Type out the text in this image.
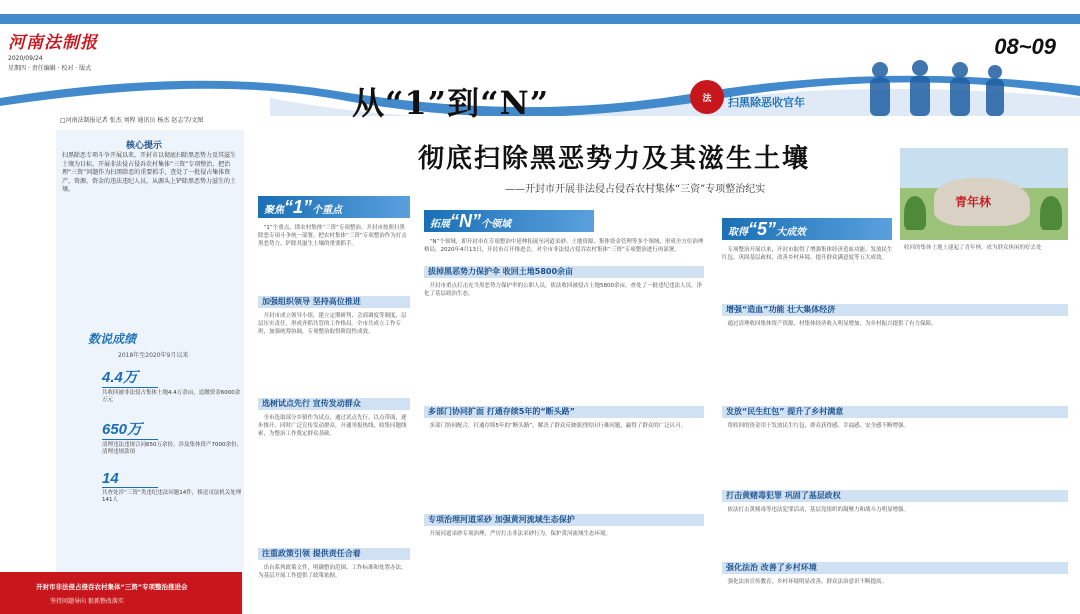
河南法制报
2020/09/24
星期四 · 责任编辑 · 校对 · 版式
08~09
从“1”到“N”	法	扫黑除恶收官年
□河南法制报记者 张杰 刘程 通讯员 杨杰 赵志学/文图
彻底扫除黑恶势力及其滋生土壤
——开封市开展非法侵占侵吞农村集体“三资”专项整治纪实
核心提示
扫黑除恶专项斗争开展以来，开封市以彻底扫除黑恶势力及其滋生土壤为目标，开展非法侵占侵吞农村集体“三资”专项整治，把治理“三资”问题作为扫黑除恶的重要抓手，查处了一批侵占集体资产、资源、资金的违法违纪人员，从源头上铲除黑恶势力滋生的土壤。
数说成绩
2018年至2020年9月以来
4.4万
共收回被非法侵占集体土地4.4万余亩，追缴资金6000余万元
650万
清理违法违规合同650万余份，涉及集体资产7000余份、清理违规款项
14
共查处涉“三资”类违纪违法问题14件，移送司法机关处理141人
开封市非法侵占侵吞农村集体“三资”专项整治推进会
坚持问题导向 狠抓整改落实
聚焦“1”个重点

“1”个重点，即农村集体“三资”专项整治。开封市按照扫黑除恶专项斗争统一部署，把农村集体“三资”专项整治作为打击黑恶势力、铲除其滋生土壤的重要抓手。

加强组织领导 坚持高位推进

开封市成立领导小组，建立定期研判、会商调度等制度，层层压实责任，形成齐抓共管的工作格局。全市共成立工作专班，加强统筹协调，专项整治取得阶段性成效。

选树试点先行 宣传发动群众

全市选取部分乡镇作为试点，通过试点先行、以点带面，逐步推开。同时广泛宣传发动群众，开通举报热线，收集问题线索，为整治工作奠定群众基础。

注重政策引领 提供责任合着

出台系列政策文件，明确整治范围、工作标准和处置办法，为基层开展工作提供了政策依据。

拓展“N”个领域

“N”个领域，即开封市在专项整治中延伸拓展至河道采砂、土地资源、集体资金管理等多个领域，形成全方位治理格局。2020年4月13日，开封市召开推进会，对全市非法侵占侵吞农村集体“三资”专项整治进行再部署。

拔掉黑恶势力保护伞 收回土地5800余亩

开封市重点打击充当黑恶势力保护伞的公职人员，依法收回被侵占土地5800余亩，查处了一批违纪违法人员，净化了基层政治生态。

多部门协同扩面 打通存续5年的“断头路”

多部门协同配合，打通存续5年的“断头路”，解决了群众反映强烈的出行难问题，赢得了群众的广泛认可。

专项治理河道采砂 加强黄河流域生态保护

开展河道采砂专项治理，严厉打击非法采砂行为，保护黄河流域生态环境。

取得“5”大成效

专项整治开展以来，开封市取得了增强集体经济造血功能、发放民生红包、巩固基层政权、改善乡村环境、提升群众满意度等五大成效。

增强“造血”功能 壮大集体经济

通过清理收回集体资产资源，村集体经济收入明显增加，为乡村振兴提供了有力保障。

发放“民生红包” 提升了乡村满意

将收回的资金用于发放民生红包，群众获得感、幸福感、安全感不断增强。

打击黄赌毒犯罪 巩固了基层政权

依法打击黄赌毒等违法犯罪活动，基层党组织的凝聚力和战斗力明显增强。

强化法治 改善了乡村环境

强化法治宣传教育，乡村环境明显改善，群众法治意识不断提高。

青年林
收回的集体土地上建起了青年林，成为群众休闲的好去处
